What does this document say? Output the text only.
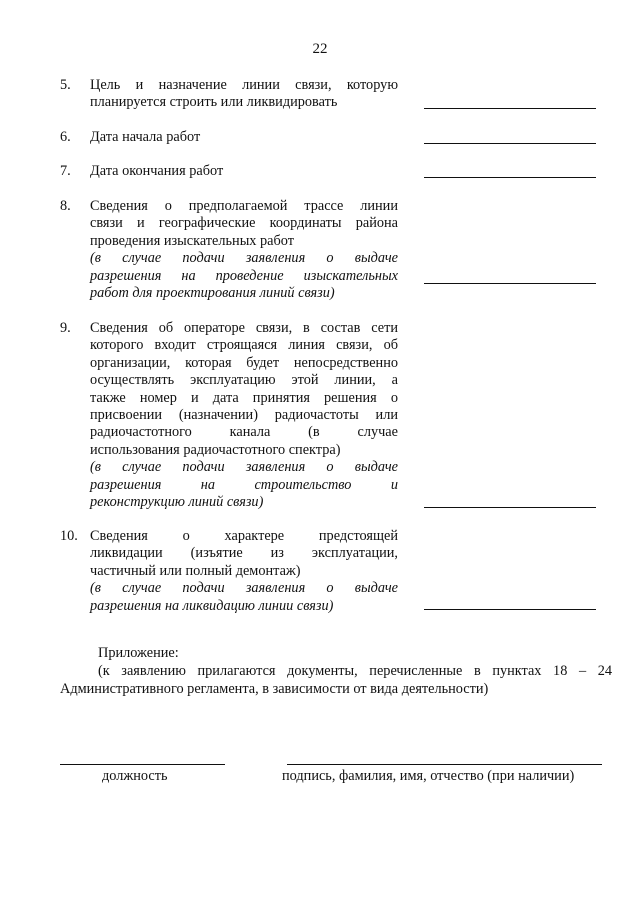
22
5.	Цель и назначение линии связи, которую
планируется строить или ликвидировать
6.	Дата начала работ
7.	Дата окончания работ
8.	Сведения о предполагаемой трассе линии
связи и географические координаты района
проведения изыскательных работ
(в случае подачи заявления о выдаче
разрешения на проведение изыскательных
работ для проектирования линий связи)
9.	Сведения об операторе связи, в состав сети
которого входит строящаяся линия связи, об
организации, которая будет непосредственно
осуществлять эксплуатацию этой линии, а
также номер и дата принятия решения о
присвоении (назначении) радиочастоты или
радиочастотного канала (в случае
использования радиочастотного спектра)
(в случае подачи заявления о выдаче
разрешения на строительство и
реконструкцию линий связи)
10. Сведения о характере предстоящей
ликвидации (изъятие из эксплуатации,
частичный или полный демонтаж)
(в случае подачи заявления о выдаче
разрешения на ликвидацию линии связи)
Приложение:
(к заявлению прилагаются документы, перечисленные в пунктах 18 – 24
Административного регламента, в зависимости от вида деятельности)
должность	подпись, фамилия, имя, отчество (при наличии)
